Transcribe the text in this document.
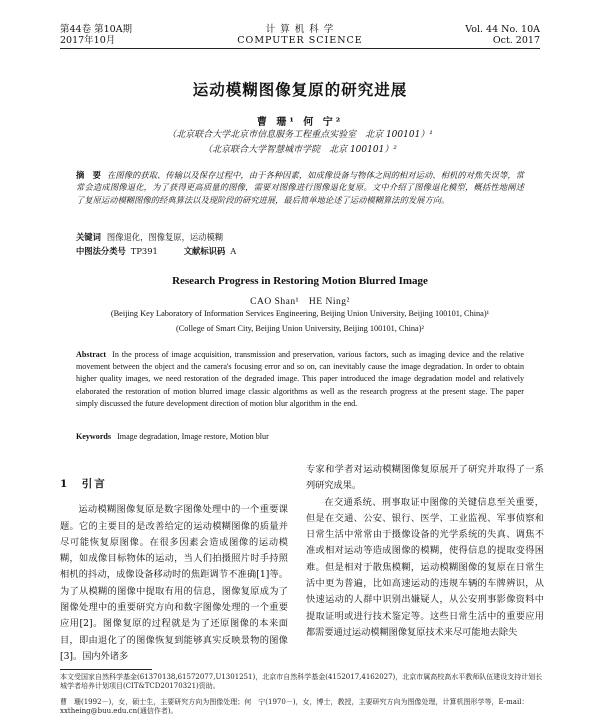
第44卷 第10A期
2017年10月
计 算 机 科 学
COMPUTER SCIENCE
Vol. 44 No. 10A
Oct. 2017
运动模糊图像复原的研究进展
曹 珊¹ 何 宁²
（北京联合大学北京市信息服务工程重点实验室　北京 100101）¹
（北京联合大学智慧城市学院　北京 100101）²
摘　要 在图像的获取、传输以及保存过程中，由于各种因素，如成像设备与物体之间的相对运动、相机的对焦失误等，常常会造成图像退化，为了获得更高质量的图像，需要对图像进行图像退化复原。文中介绍了图像退化模型，概括性地阐述了复原运动模糊图像的经典算法以及现阶段的研究进展，最后简单地论述了运动模糊算法的发展方向。
关键词 图像退化，图像复原，运动模糊
中图法分类号 TP391	文献标识码 A
Research Progress in Restoring Motion Blurred Image
CAO Shan¹　HE Ning²
(Beijing Key Laboratory of Information Services Engineering, Beijing Union University, Beijing 100101, China)¹
(College of Smart City, Beijing Union University, Beijing 100101, China)²
Abstract In the process of image acquisition, transmission and preservation, various factors, such as imaging device and the relative movement between the object and the camera's focusing error and so on, can inevitably cause the image degradation. In order to obtain higher quality images, we need restoration of the degraded image. This paper introduced the image degradation model and relatively elaborated the restoration of motion blurred image classic algorithms as well as the research progress at the present stage. The paper simply discussed the future development direction of motion blur algorithm in the end.
Keywords Image degradation, Image restore, Motion blur
1　引言

运动模糊图像复原是数字图像处理中的一个重要课题。它的主要目的是改善给定的运动模糊图像的质量并尽可能恢复原图像。在很多因素会造成图像的运动模糊，如成像目标物体的运动，当人们拍摄照片时手持照相机的抖动，成像设备移动时的焦距调节不准确[1]等。为了从模糊的图像中提取有用的信息，图像复原成为了图像处理中的重要研究方向和数字图像处理的一个重要应用[2]。图像复原的过程就是为了还原图像的本来面目，即由退化了的图像恢复到能够真实反映景物的图像[3]。国内外诸多

专家和学者对运动模糊图像复原展开了研究并取得了一系列研究成果。

在交通系统、刑事取证中图像的关键信息至关重要，但是在交通、公安、银行、医学、工业监视、军事侦察和日常生活中常常由于摄像设备的光学系统的失真、调焦不准或相对运动等造成图像的模糊，使得信息的提取变得困难。但是相对于散焦模糊，运动模糊图像的复原在日常生活中更为普遍，比如高速运动的违规车辆的车牌辨识，从快速运动的人群中识别出嫌疑人，从公安刑事影像资料中提取证明或进行技术鉴定等。这些日常生活中的重要应用都需要通过运动模糊图像复原技术来尽可能地去除失

本文受国家自然科学基金(61370138,61572077,U1301251)，北京市自然科学基金(4152017,4162027)，北京市属高校高水平教师队伍建设支持计划长城学者培养计划项目(CIT&TCD20170321)资助。
曹　珊(1992－)，女，硕士生，主要研究方向为图像处理；何　宁(1970－)，女，博士，教授，主要研究方向为图像处理，计算机图形学等，E-mail：xxtheing@buu.edu.cn(通信作者)。
